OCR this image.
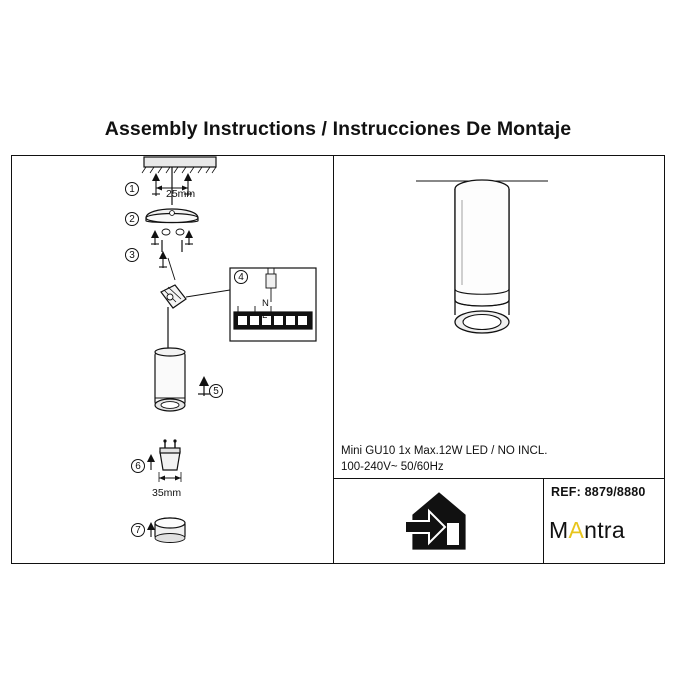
Assembly Instructions / Instrucciones De Montaje
1
2
3
4
5
6
7
25mm
35mm
N
L
Mini GU10 1x Max.12W LED / NO INCL.
100-240V~ 50/60Hz
REF: 8879/8880
MAntra
